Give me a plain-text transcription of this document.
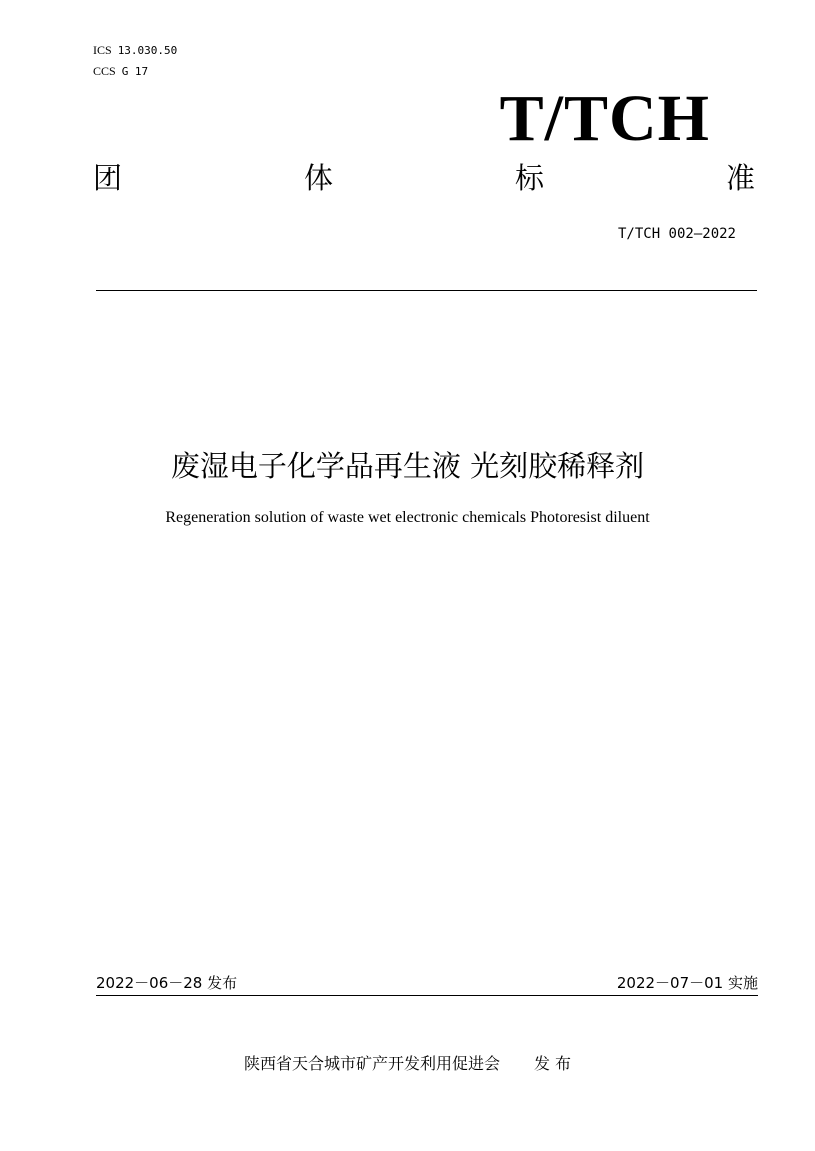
ICS 13.030.50
CCS G 17
T/TCH
团	体	标	准
T/TCH 002—2022
废湿电子化学品再生液 光刻胶稀释剂
Regeneration solution of waste wet electronic chemicals Photoresist diluent
2022－06－28 发布	2022－07－01 实施
陕西省天合城市矿产开发利用促进会 发 布
